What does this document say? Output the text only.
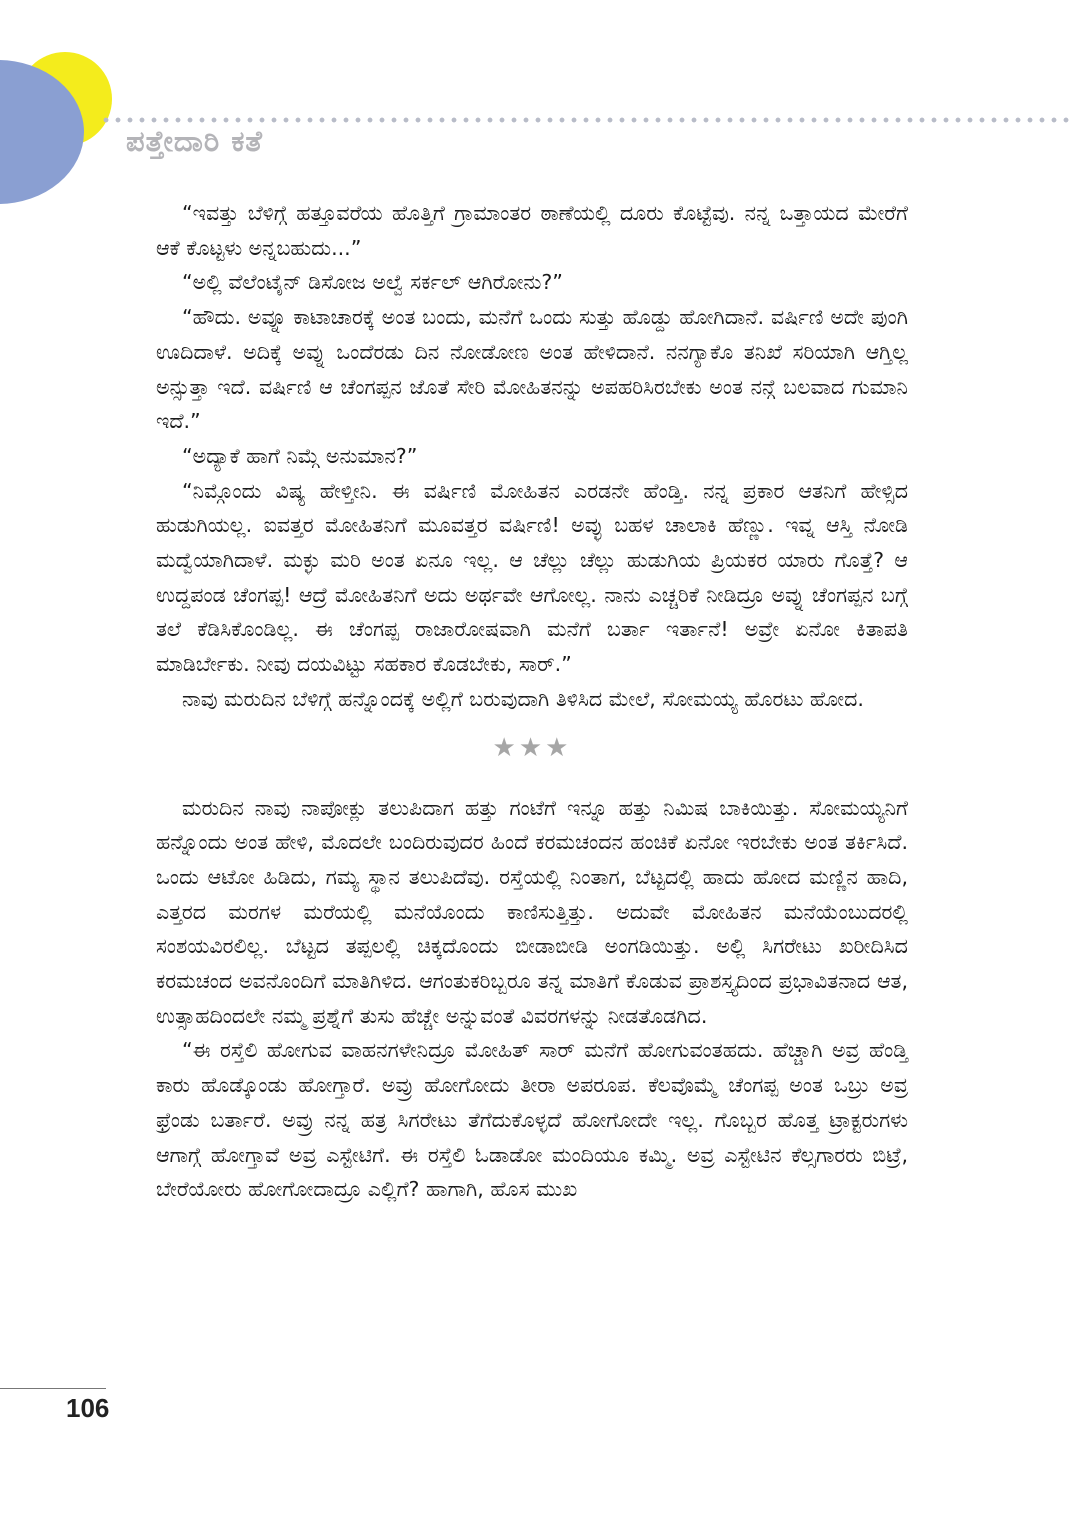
ಪತ್ತೇದಾರಿ ಕತೆ

“ಇವತ್ತು ಬೆಳಿಗ್ಗೆ ಹತ್ತೂವರೆಯ ಹೊತ್ತಿಗೆ ಗ್ರಾಮಾಂತರ ಠಾಣೆಯಲ್ಲಿ ದೂರು ಕೊಟ್ಟೆವು. ನನ್ನ ಒತ್ತಾಯದ ಮೇರೆಗೆ ಆಕೆ ಕೊಟ್ಟಳು ಅನ್ನಬಹುದು...”

“ಅಲ್ಲಿ ವೆಲೆಂಟೈನ್ ಡಿಸೋಜ ಅಲ್ವೆ ಸರ್ಕಲ್ ಆಗಿರೋನು?”

“ಹೌದು. ಅವ್ನೂ ಕಾಟಾಚಾರಕ್ಕೆ ಅಂತ ಬಂದು, ಮನೆಗೆ ಒಂದು ಸುತ್ತು ಹೊಡ್ದು ಹೋಗಿದಾನೆ. ವರ್ಷಿಣಿ ಅದೇ ಪುಂಗಿ ಊದಿದಾಳೆ. ಅದಿಕ್ಕೆ ಅವ್ನು ಒಂದೆರಡು ದಿನ ನೋಡೋಣ ಅಂತ ಹೇಳಿದಾನೆ. ನನಗ್ಯಾಕೊ ತನಿಖೆ ಸರಿಯಾಗಿ ಆಗ್ತಿಲ್ಲ ಅನ್ಸುತ್ತಾ ಇದೆ. ವರ್ಷಿಣಿ ಆ ಚೆಂಗಪ್ಪನ ಜೊತೆ ಸೇರಿ ಮೋಹಿತನನ್ನು ಅಪಹರಿಸಿರಬೇಕು ಅಂತ ನನ್ಗೆ ಬಲವಾದ ಗುಮಾನಿ ಇದೆ.”

“ಅದ್ಯಾಕೆ ಹಾಗೆ ನಿಮ್ಗೆ ಅನುಮಾನ?”

“ನಿಮ್ಗೊಂದು ವಿಷ್ಯ ಹೇಳ್ತೀನಿ. ಈ ವರ್ಷಿಣಿ ಮೋಹಿತನ ಎರಡನೇ ಹೆಂಡ್ತಿ. ನನ್ನ ಪ್ರಕಾರ ಆತನಿಗೆ ಹೇಳ್ಸಿದ ಹುಡುಗಿಯಲ್ಲ. ಐವತ್ತರ ಮೋಹಿತನಿಗೆ ಮೂವತ್ತರ ವರ್ಷಿಣಿ! ಅವ್ಳು ಬಹಳ ಚಾಲಾಕಿ ಹೆಣ್ಣು. ಇವ್ನ ಆಸ್ತಿ ನೋಡಿ ಮದ್ವೆಯಾಗಿದಾಳೆ. ಮಕ್ಳು ಮರಿ ಅಂತ ಏನೂ ಇಲ್ಲ. ಆ ಚೆಲ್ಲು ಚೆಲ್ಲು ಹುಡುಗಿಯ ಪ್ರಿಯಕರ ಯಾರು ಗೊತ್ತೆ? ಆ ಉದ್ದಪಂಡ ಚೆಂಗಪ್ಪ! ಆದ್ರೆ ಮೋಹಿತನಿಗೆ ಅದು ಅರ್ಥವೇ ಆಗೋಲ್ಲ. ನಾನು ಎಚ್ಚರಿಕೆ ನೀಡಿದ್ರೂ ಅವ್ನು ಚೆಂಗಪ್ಪನ ಬಗ್ಗೆ ತಲೆ ಕೆಡಿಸಿಕೊಂಡಿಲ್ಲ. ಈ ಚೆಂಗಪ್ಪ ರಾಜಾರೋಷವಾಗಿ ಮನೆಗೆ ಬರ್ತಾ ಇರ್ತಾನೆ! ಅವ್ರೇ ಏನೋ ಕಿತಾಪತಿ ಮಾಡಿರ್ಬೇಕು. ನೀವು ದಯವಿಟ್ಟು ಸಹಕಾರ ಕೊಡಬೇಕು, ಸಾರ್.”

ನಾವು ಮರುದಿನ ಬೆಳಿಗ್ಗೆ ಹನ್ನೊಂದಕ್ಕೆ ಅಲ್ಲಿಗೆ ಬರುವುದಾಗಿ ತಿಳಿಸಿದ ಮೇಲೆ, ಸೋಮಯ್ಯ ಹೊರಟು ಹೋದ.

★★★

ಮರುದಿನ ನಾವು ನಾಪೋಕ್ಲು ತಲುಪಿದಾಗ ಹತ್ತು ಗಂಟೆಗೆ ಇನ್ನೂ ಹತ್ತು ನಿಮಿಷ ಬಾಕಿಯಿತ್ತು. ಸೋಮಯ್ಯನಿಗೆ ಹನ್ನೊಂದು ಅಂತ ಹೇಳಿ, ಮೊದಲೇ ಬಂದಿರುವುದರ ಹಿಂದೆ ಕರಮಚಂದನ ಹಂಚಿಕೆ ಏನೋ ಇರಬೇಕು ಅಂತ ತರ್ಕಿಸಿದೆ. ಒಂದು ಆಟೋ ಹಿಡಿದು, ಗಮ್ಯ ಸ್ಥಾನ ತಲುಪಿದೆವು. ರಸ್ತೆಯಲ್ಲಿ ನಿಂತಾಗ, ಬೆಟ್ಟದಲ್ಲಿ ಹಾದು ಹೋದ ಮಣ್ಣಿನ ಹಾದಿ, ಎತ್ತರದ ಮರಗಳ ಮರೆಯಲ್ಲಿ ಮನೆಯೊಂದು ಕಾಣಿಸುತ್ತಿತ್ತು. ಅದುವೇ ಮೋಹಿತನ ಮನೆಯೆಂಬುದರಲ್ಲಿ ಸಂಶಯವಿರಲಿಲ್ಲ. ಬೆಟ್ಟದ ತಪ್ಪಲಲ್ಲಿ ಚಿಕ್ಕದೊಂದು ಬೀಡಾಬೀಡಿ ಅಂಗಡಿಯಿತ್ತು. ಅಲ್ಲಿ ಸಿಗರೇಟು ಖರೀದಿಸಿದ ಕರಮಚಂದ ಅವನೊಂದಿಗೆ ಮಾತಿಗಿಳಿದ. ಆಗಂತುಕರಿಬ್ಬರೂ ತನ್ನ ಮಾತಿಗೆ ಕೊಡುವ ಪ್ರಾಶಸ್ತ್ಯದಿಂದ ಪ್ರಭಾವಿತನಾದ ಆತ, ಉತ್ಸಾಹದಿಂದಲೇ ನಮ್ಮ ಪ್ರಶ್ನೆಗೆ ತುಸು ಹೆಚ್ಚೇ ಅನ್ನುವಂತೆ ವಿವರಗಳನ್ನು ನೀಡತೊಡಗಿದ.

“ಈ ರಸ್ತೆಲಿ ಹೋಗುವ ವಾಹನಗಳೇನಿದ್ರೂ ಮೋಹಿತ್ ಸಾರ್ ಮನೆಗೆ ಹೋಗುವಂತಹದು. ಹೆಚ್ಚಾಗಿ ಅವ್ರ ಹೆಂಡ್ತಿ ಕಾರು ಹೊಡ್ಕೊಂಡು ಹೋಗ್ತಾರೆ. ಅವ್ರು ಹೋಗೋದು ತೀರಾ ಅಪರೂಪ. ಕೆಲವೊಮ್ಮೆ ಚೆಂಗಪ್ಪ ಅಂತ ಒಬ್ರು ಅವ್ರ ಫ್ರೆಂಡು ಬರ್ತಾರೆ. ಅವ್ರು ನನ್ನ ಹತ್ರ ಸಿಗರೇಟು ತೆಗೆದುಕೊಳ್ಳದೆ ಹೋಗೋದೇ ಇಲ್ಲ. ಗೊಬ್ಬರ ಹೊತ್ತ ಟ್ರಾಕ್ಟರುಗಳು ಆಗಾಗ್ಗೆ ಹೋಗ್ತಾವೆ ಅವ್ರ ಎಸ್ಟೇಟಿಗೆ. ಈ ರಸ್ತೆಲಿ ಓಡಾಡೋ ಮಂದಿಯೂ ಕಮ್ಮಿ. ಅವ್ರ ಎಸ್ಟೇಟಿನ ಕೆಲ್ಸಗಾರರು ಬಿಟ್ರೆ, ಬೇರೆಯೋರು ಹೋಗೋದಾದ್ರೂ ಎಲ್ಲಿಗೆ? ಹಾಗಾಗಿ, ಹೊಸ ಮುಖ

106
